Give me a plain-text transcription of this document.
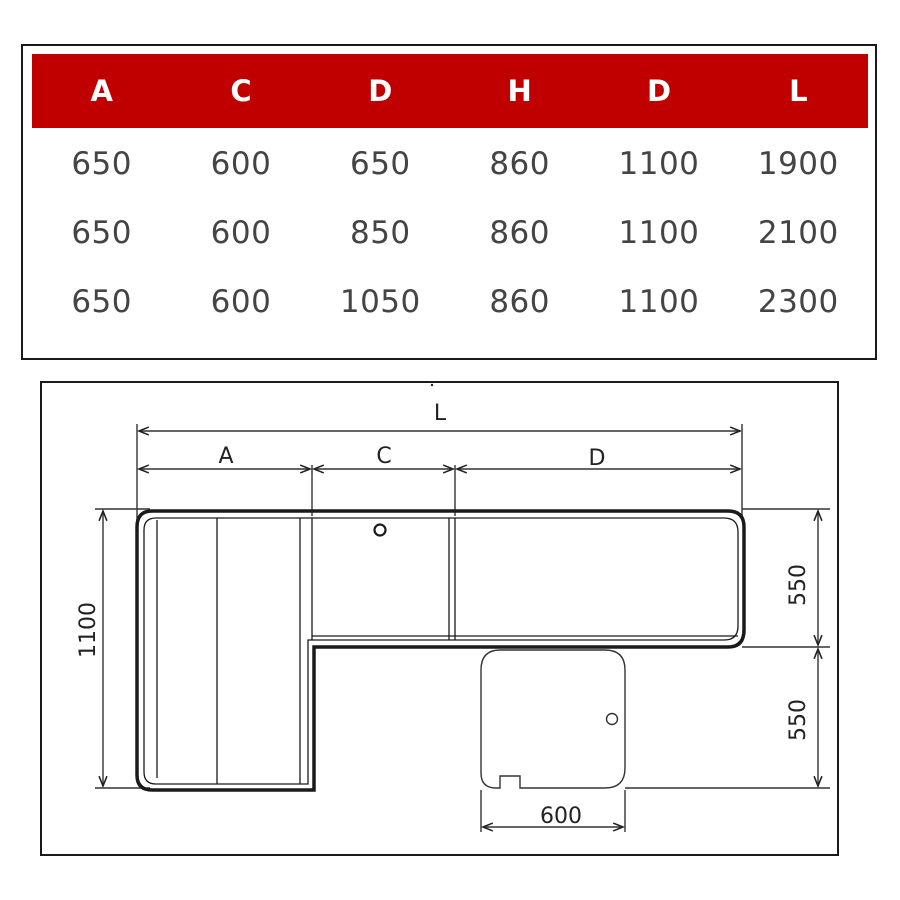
A	C	D	H	D	L
650	600	650	860	1100	1900
650	600	850	860	1100	2100
650	600	1050	860	1100	2300
L
A	C	D
1100
550
550
600
